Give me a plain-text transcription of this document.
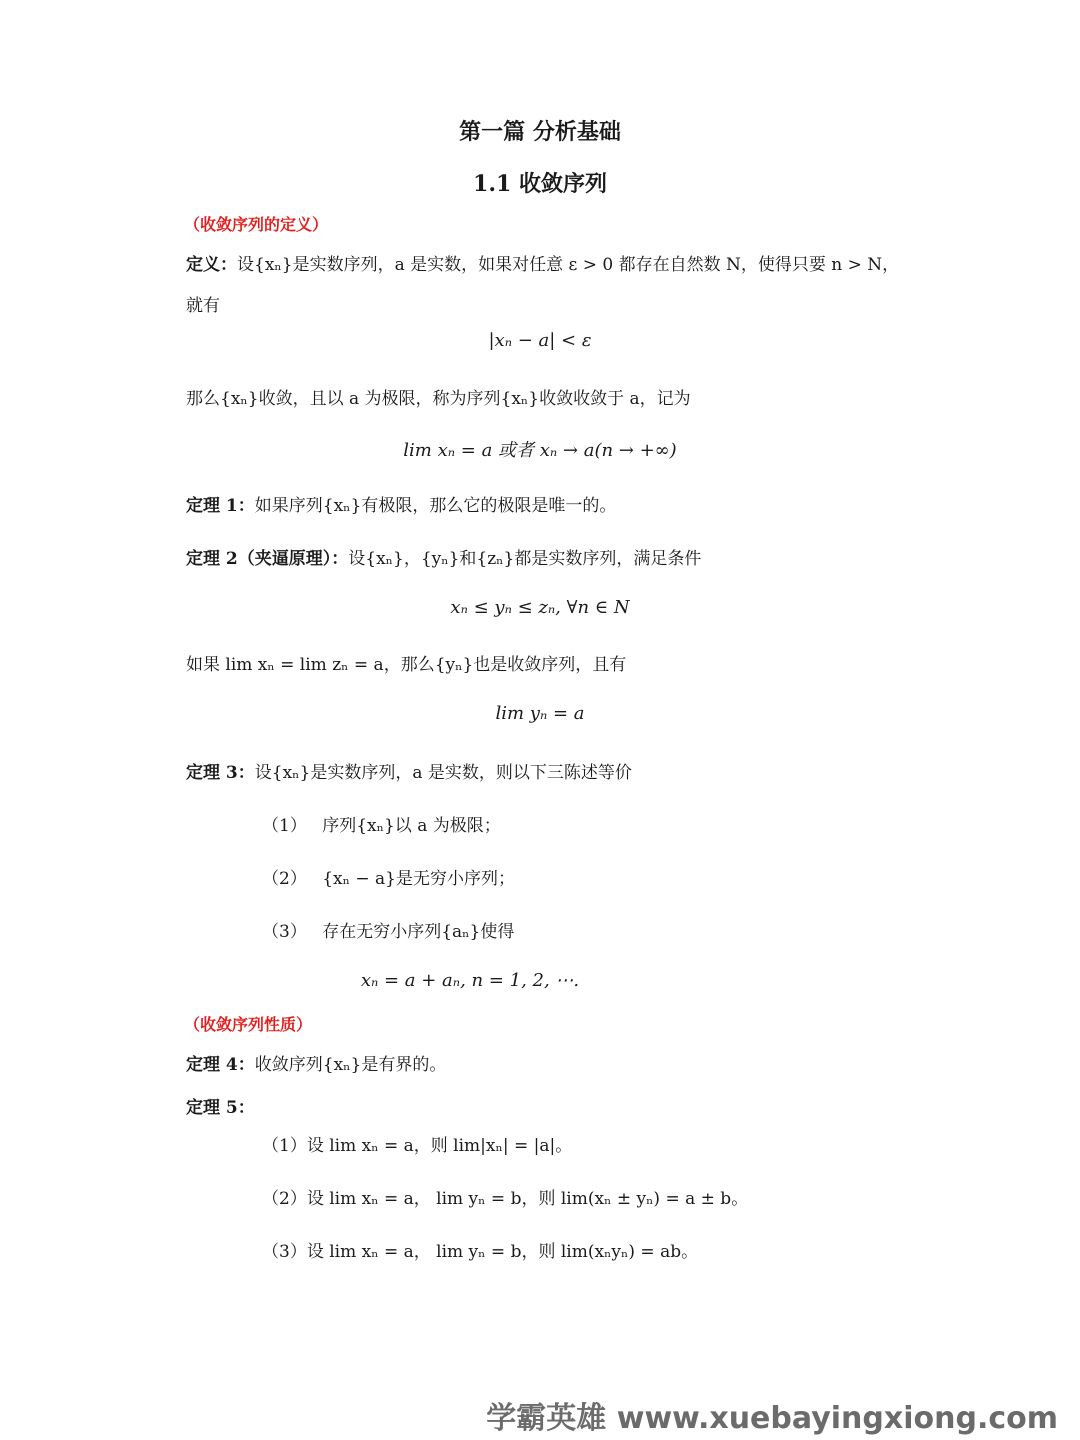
第一篇 分析基础
1.1 收敛序列
（收敛序列的定义）
定义：设{xₙ}是实数序列，a 是实数，如果对任意 ε > 0 都存在自然数 N，使得只要 n > N，
就有
|xₙ − a| < ε
那么{xₙ}收敛，且以 a 为极限，称为序列{xₙ}收敛收敛于 a，记为
lim xₙ = a 或者 xₙ → a(n → +∞)
定理 1：如果序列{xₙ}有极限，那么它的极限是唯一的。
定理 2（夹逼原理）：设{xₙ}，{yₙ}和{zₙ}都是实数序列，满足条件
xₙ ≤ yₙ ≤ zₙ, ∀n ∈ N
如果 lim xₙ = lim zₙ = a，那么{yₙ}也是收敛序列，且有
lim yₙ = a
定理 3：设{xₙ}是实数序列，a 是实数，则以下三陈述等价
（1） 序列{xₙ}以 a 为极限；
（2） {xₙ − a}是无穷小序列；
（3） 存在无穷小序列{aₙ}使得
xₙ = a + aₙ, n = 1, 2, ⋯.
（收敛序列性质）
定理 4：收敛序列{xₙ}是有界的。
定理 5：
（1）设 lim xₙ = a，则 lim|xₙ| = |a|。
（2）设 lim xₙ = a， lim yₙ = b，则 lim(xₙ ± yₙ) = a ± b。
（3）设 lim xₙ = a， lim yₙ = b，则 lim(xₙyₙ) = ab。
学霸英雄 www.xuebayingxiong.com
